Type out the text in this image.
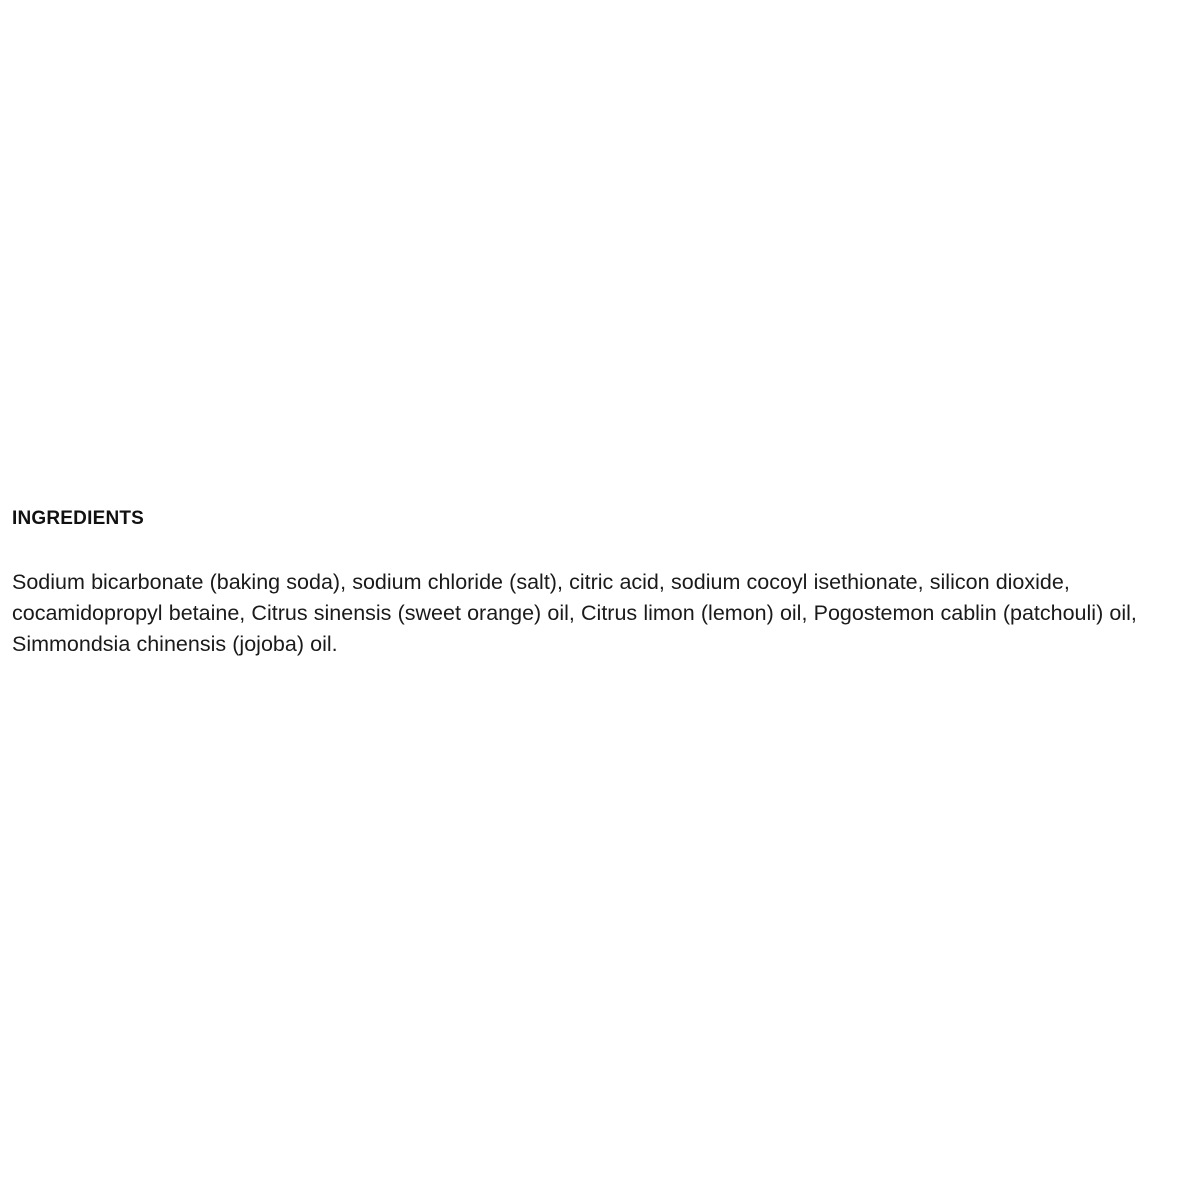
INGREDIENTS

Sodium bicarbonate (baking soda), sodium chloride (salt), citric acid, sodium cocoyl isethionate, silicon dioxide, cocamidopropyl betaine, Citrus sinensis (sweet orange) oil, Citrus limon (lemon) oil, Pogostemon cablin (patchouli) oil, Simmondsia chinensis (jojoba) oil.
